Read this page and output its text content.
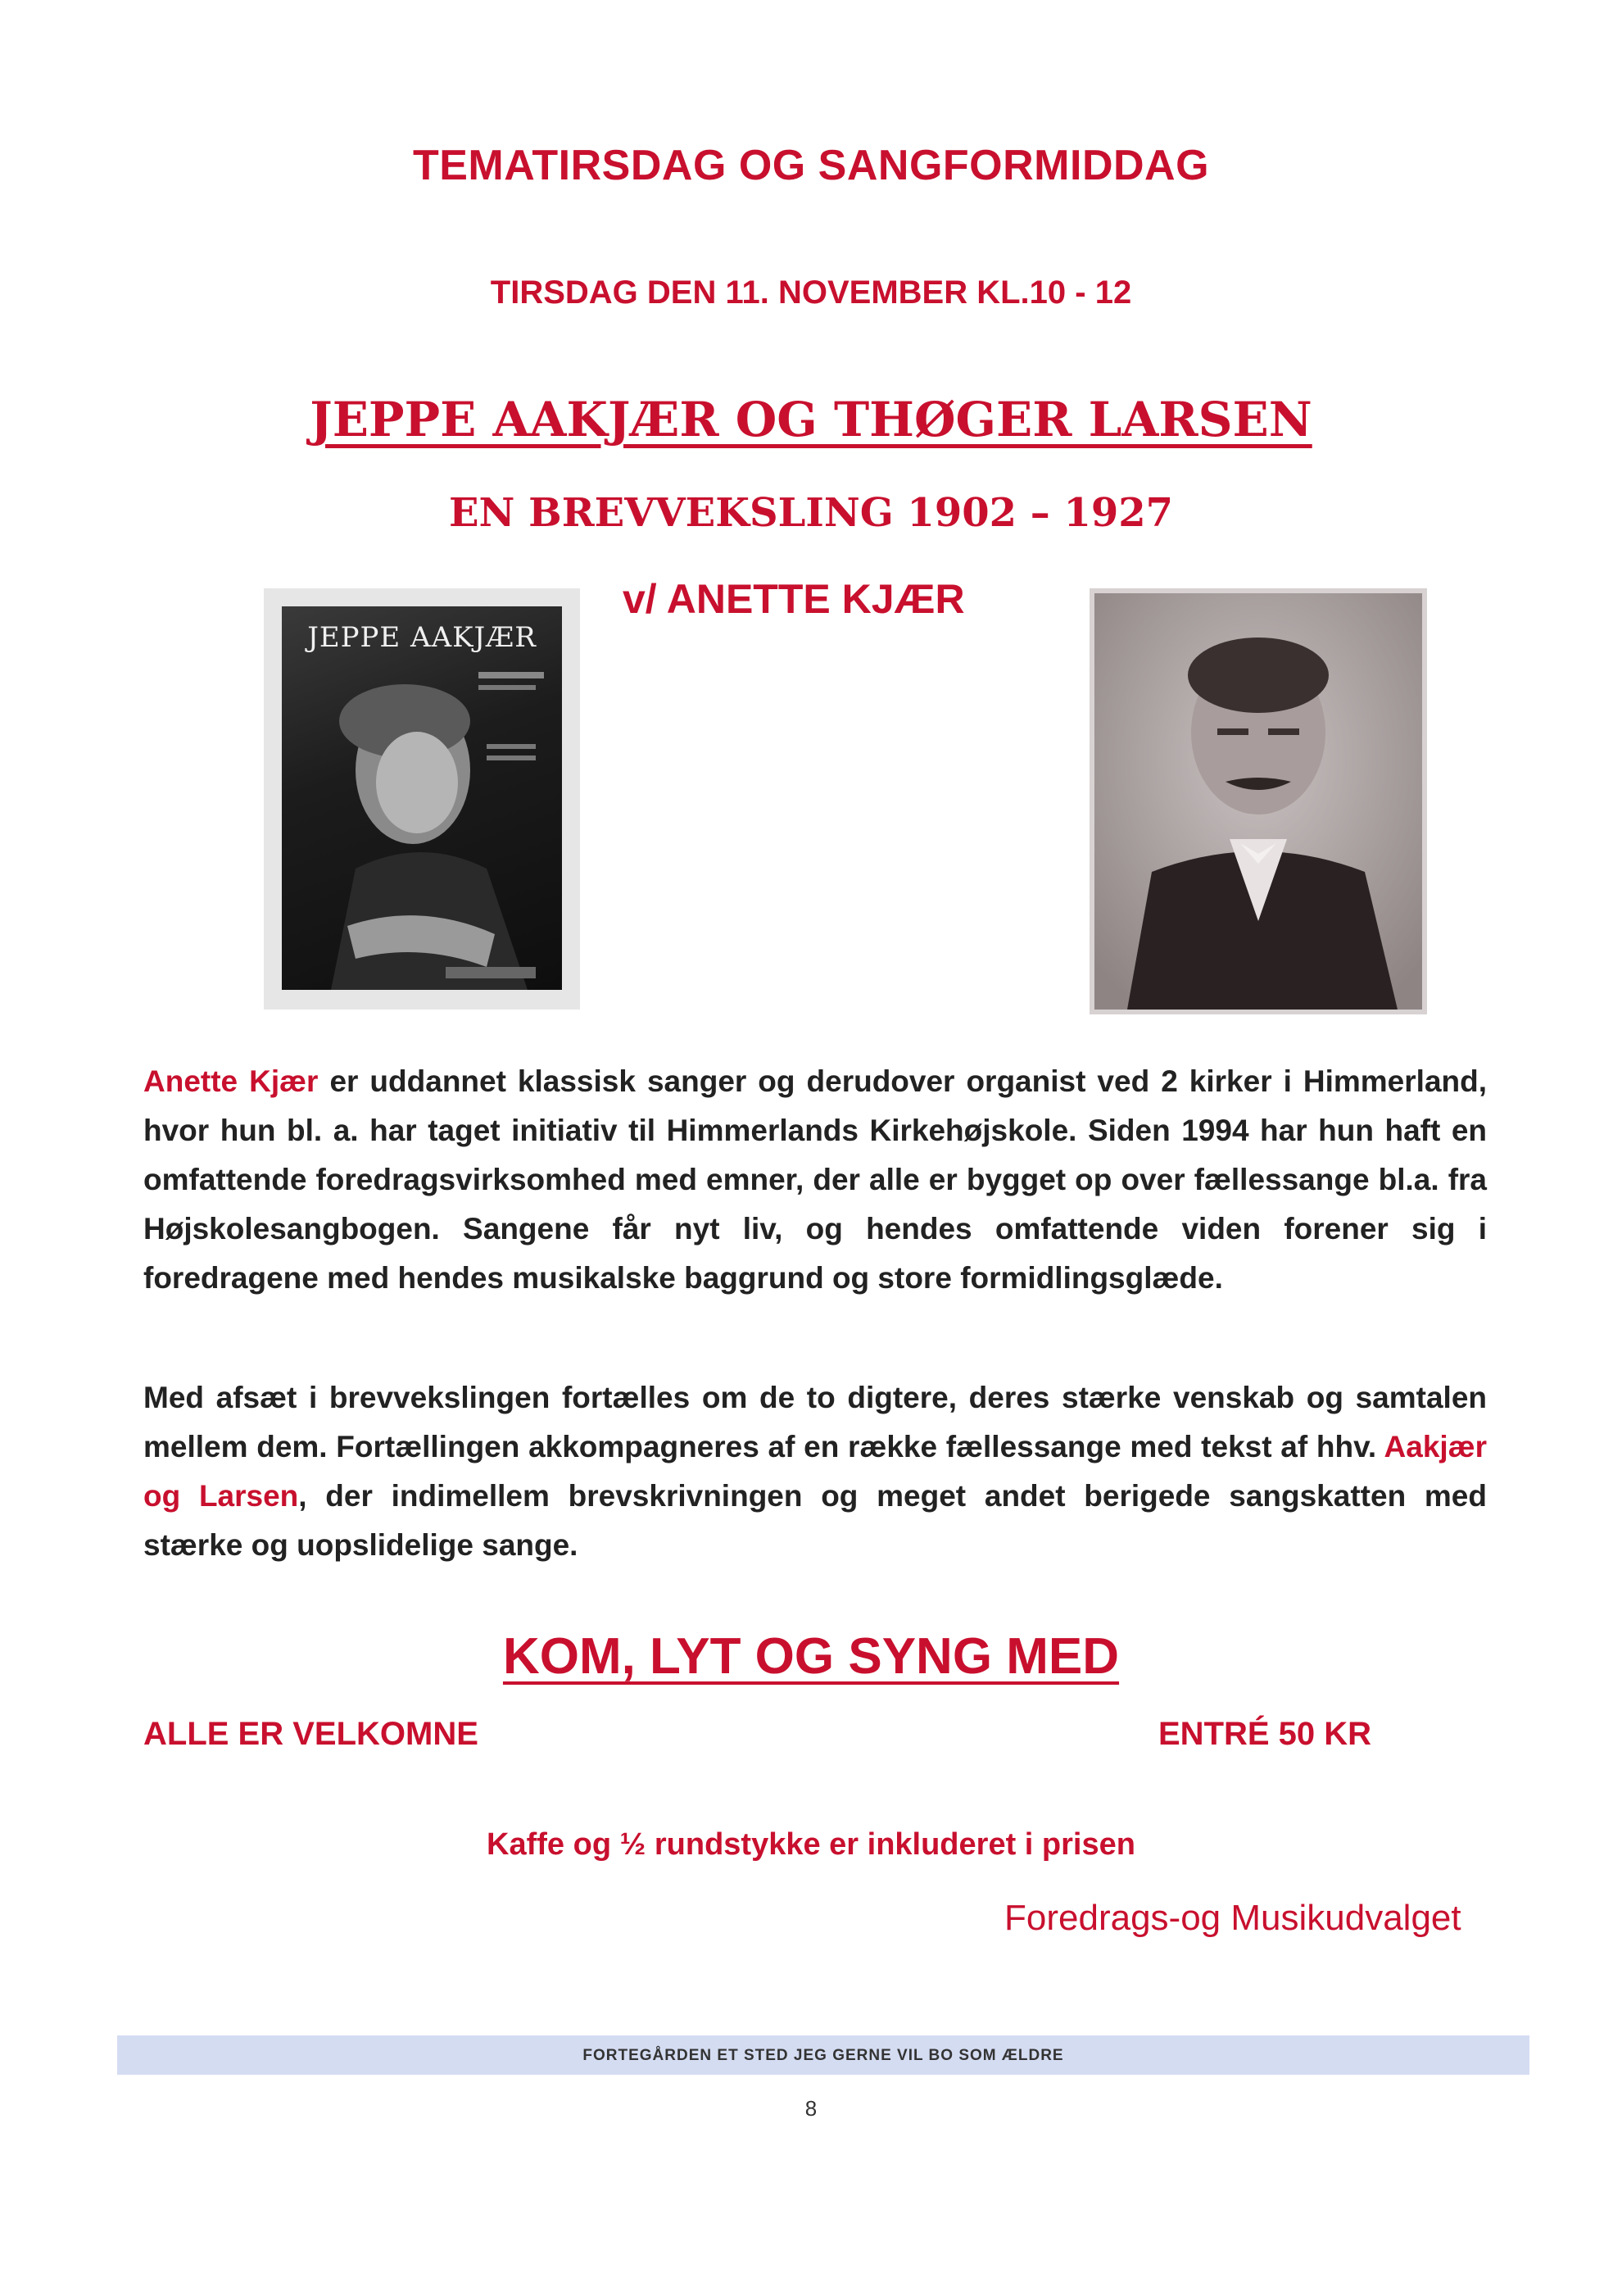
TEMATIRSDAG OG SANGFORMIDDAG
TIRSDAG DEN 11. NOVEMBER KL.10 - 12
JEPPE AAKJÆR OG THØGER LARSEN
EN BREVVEKSLING 1902 – 1927
v/ ANETTE KJÆR
JEPPE AAKJÆR
Anette Kjær er uddannet klassisk sanger og derudover organist ved 2 kirker i Himmerland, hvor hun bl. a. har taget initiativ til Himmerlands Kirkehøjskole. Siden 1994 har hun haft en omfattende foredragsvirksomhed med emner, der alle er bygget op over fællessange bl.a. fra Højskolesangbogen. Sangene får nyt liv, og hendes omfattende viden forener sig i foredragene med hendes musikalske baggrund og store formidlingsglæde.
Med afsæt i brevvekslingen fortælles om de to digtere, deres stærke venskab og samtalen mellem dem. Fortællingen akkompagneres af en række fællessange med tekst af hhv. Aakjær og Larsen, der indimellem brevskrivningen og meget andet berigede sangskatten med stærke og uopslidelige sange.
KOM, LYT OG SYNG MED
ALLE ER VELKOMNE	ENTRÉ 50 KR
Kaffe og ½ rundstykke er inkluderet i prisen
Foredrags-og Musikudvalget
FORTEGÅRDEN ET STED JEG GERNE VIL BO SOM ÆLDRE
8
